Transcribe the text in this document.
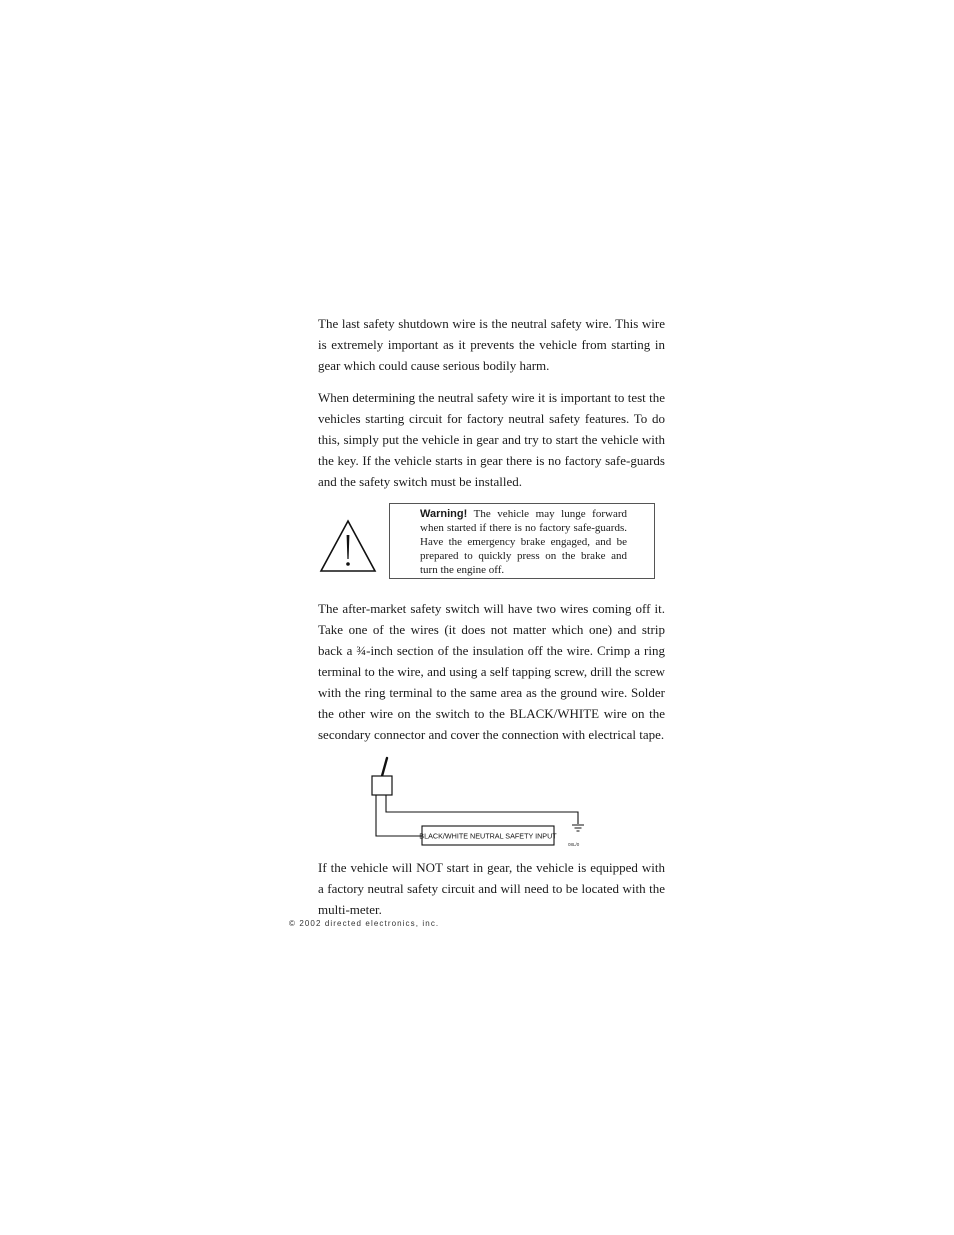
The last safety shutdown wire is the neutral safety wire. This wire is extremely important as it prevents the vehicle from starting in gear which could cause serious bodily harm.

When determining the neutral safety wire it is important to test the vehicles starting circuit for factory neutral safety features. To do this, simply put the vehicle in gear and try to start the vehicle with the key. If the vehicle starts in gear there is no factory safe-guards and the safety switch must be installed.

Warning! The vehicle may lunge forward when started if there is no factory safe-guards. Have the emergency brake engaged, and be prepared to quickly press on the brake and turn the engine off.

The after-market safety switch will have two wires coming off it. Take one of the wires (it does not matter which one) and strip back a ¾-inch section of the insulation off the wire. Crimp a ring terminal to the wire, and using a self tapping screw, drill the screw with the ring terminal to the same area as the ground wire. Solder the other wire on the switch to the BLACK/WHITE wire on the secondary connector and cover the connection with electrical tape.

BLACK/WHITE NEUTRAL SAFETY INPUT
08L/0

If the vehicle will NOT start in gear, the vehicle is equipped with a factory neutral safety circuit and will need to be located with the multi-meter.

© 2002 directed electronics, inc.
